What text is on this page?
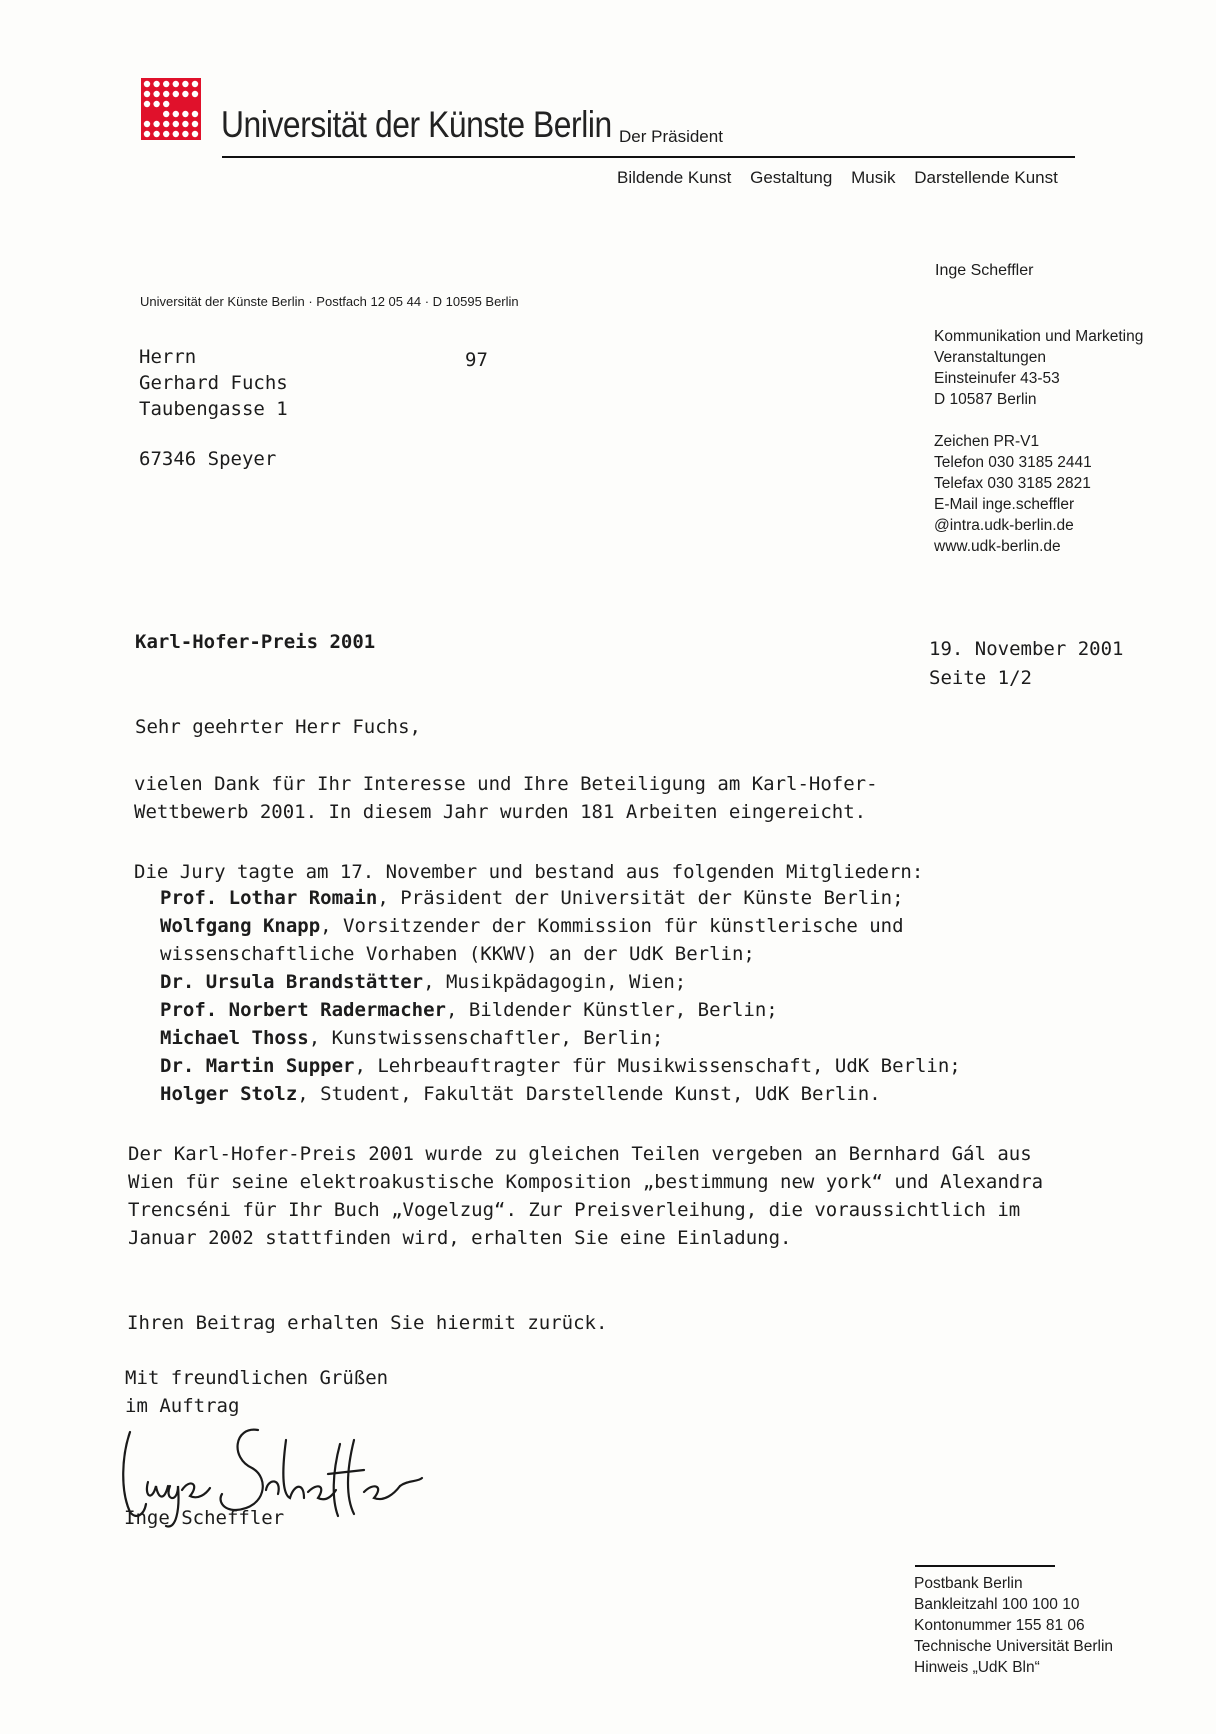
Universität der Künste Berlin Der Präsident
Bildende Kunst Gestaltung Musik Darstellende Kunst
Inge Scheffler
Universität der Künste Berlin · Postfach 12 05 44 · D 10595 Berlin

Kommunikation und Marketing

Veranstaltungen

Einsteinufer 43-53

D 10587 Berlin

Zeichen PR-V1

Telefon 030 3185 2441

Telefax 030 3185 2821

E-Mail inge.scheffler

@intra.udk-berlin.de

www.udk-berlin.de

Herrn

Gerhard Fuchs

Taubengasse 1

97
67346 Speyer
Karl-Hofer-Preis 2001	19. November 2001
Seite 1/2
Sehr geehrter Herr Fuchs,
vielen Dank für Ihr Interesse und Ihre Beteiligung am Karl-Hofer-Wettbewerb 2001. In diesem Jahr wurden 181 Arbeiten eingereicht.
Die Jury tagte am 17. November und bestand aus folgenden Mitgliedern:

Prof. Lothar Romain, Präsident der Universität der Künste Berlin;

Wolfgang Knapp, Vorsitzender der Kommission für künstlerische und wissenschaftliche Vorhaben (KKWV) an der UdK Berlin;

Dr. Ursula Brandstätter, Musikpädagogin, Wien;

Prof. Norbert Radermacher, Bildender Künstler, Berlin;

Michael Thoss, Kunstwissenschaftler, Berlin;

Dr. Martin Supper, Lehrbeauftragter für Musikwissenschaft, UdK Berlin;

Holger Stolz, Student, Fakultät Darstellende Kunst, UdK Berlin.

Der Karl-Hofer-Preis 2001 wurde zu gleichen Teilen vergeben an Bernhard Gál aus Wien für seine elektroakustische Komposition „bestimmung new york“ und Alexandra Trencséni für Ihr Buch „Vogelzug“. Zur Preisverleihung, die voraussichtlich im Januar 2002 stattfinden wird, erhalten Sie eine Einladung.
Ihren Beitrag erhalten Sie hiermit zurück.

Mit freundlichen Grüßen

im Auftrag

Inge Scheffler

Postbank Berlin

Bankleitzahl 100 100 10

Kontonummer 155 81 06

Technische Universität Berlin

Hinweis „UdK Bln“
